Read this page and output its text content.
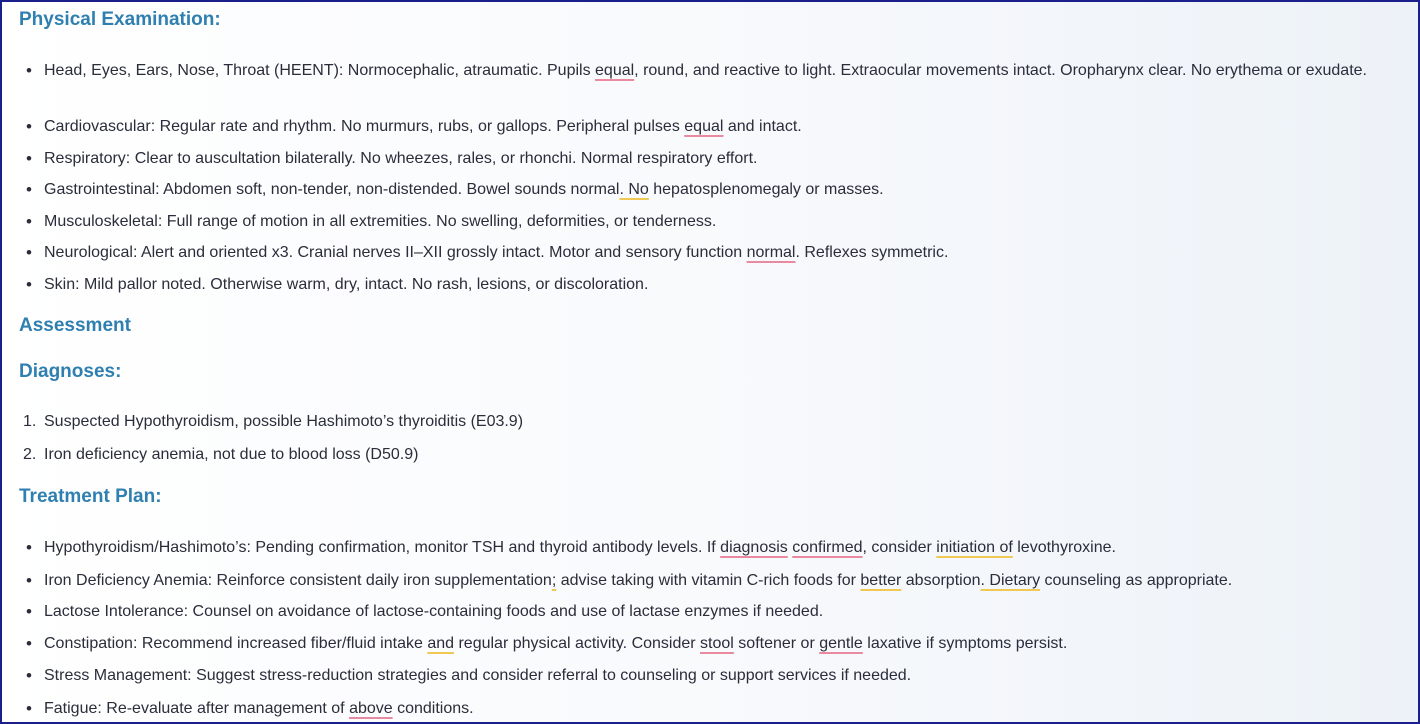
Physical Examination:
• Head, Eyes, Ears, Nose, Throat (HEENT): Normocephalic, atraumatic. Pupils equal, round, and reactive to light. Extraocular movements intact. Oropharynx clear. No erythema or exudate.
• Cardiovascular: Regular rate and rhythm. No murmurs, rubs, or gallops. Peripheral pulses equal and intact.
• Respiratory: Clear to auscultation bilaterally. No wheezes, rales, or rhonchi. Normal respiratory effort.
• Gastrointestinal: Abdomen soft, non-tender, non-distended. Bowel sounds normal. No hepatosplenomegaly or masses.
• Musculoskeletal: Full range of motion in all extremities. No swelling, deformities, or tenderness.
• Neurological: Alert and oriented x3. Cranial nerves II–XII grossly intact. Motor and sensory function normal. Reflexes symmetric.
• Skin: Mild pallor noted. Otherwise warm, dry, intact. No rash, lesions, or discoloration.
Assessment
Diagnoses:
1. Suspected Hypothyroidism, possible Hashimoto’s thyroiditis (E03.9)
2. Iron deficiency anemia, not due to blood loss (D50.9)
Treatment Plan:
• Hypothyroidism/Hashimoto’s: Pending confirmation, monitor TSH and thyroid antibody levels. If diagnosis confirmed, consider initiation of levothyroxine.
• Iron Deficiency Anemia: Reinforce consistent daily iron supplementation; advise taking with vitamin C-rich foods for better absorption. Dietary counseling as appropriate.
• Lactose Intolerance: Counsel on avoidance of lactose-containing foods and use of lactase enzymes if needed.
• Constipation: Recommend increased fiber/fluid intake and regular physical activity. Consider stool softener or gentle laxative if symptoms persist.
• Stress Management: Suggest stress-reduction strategies and consider referral to counseling or support services if needed.
• Fatigue: Re-evaluate after management of above conditions.
